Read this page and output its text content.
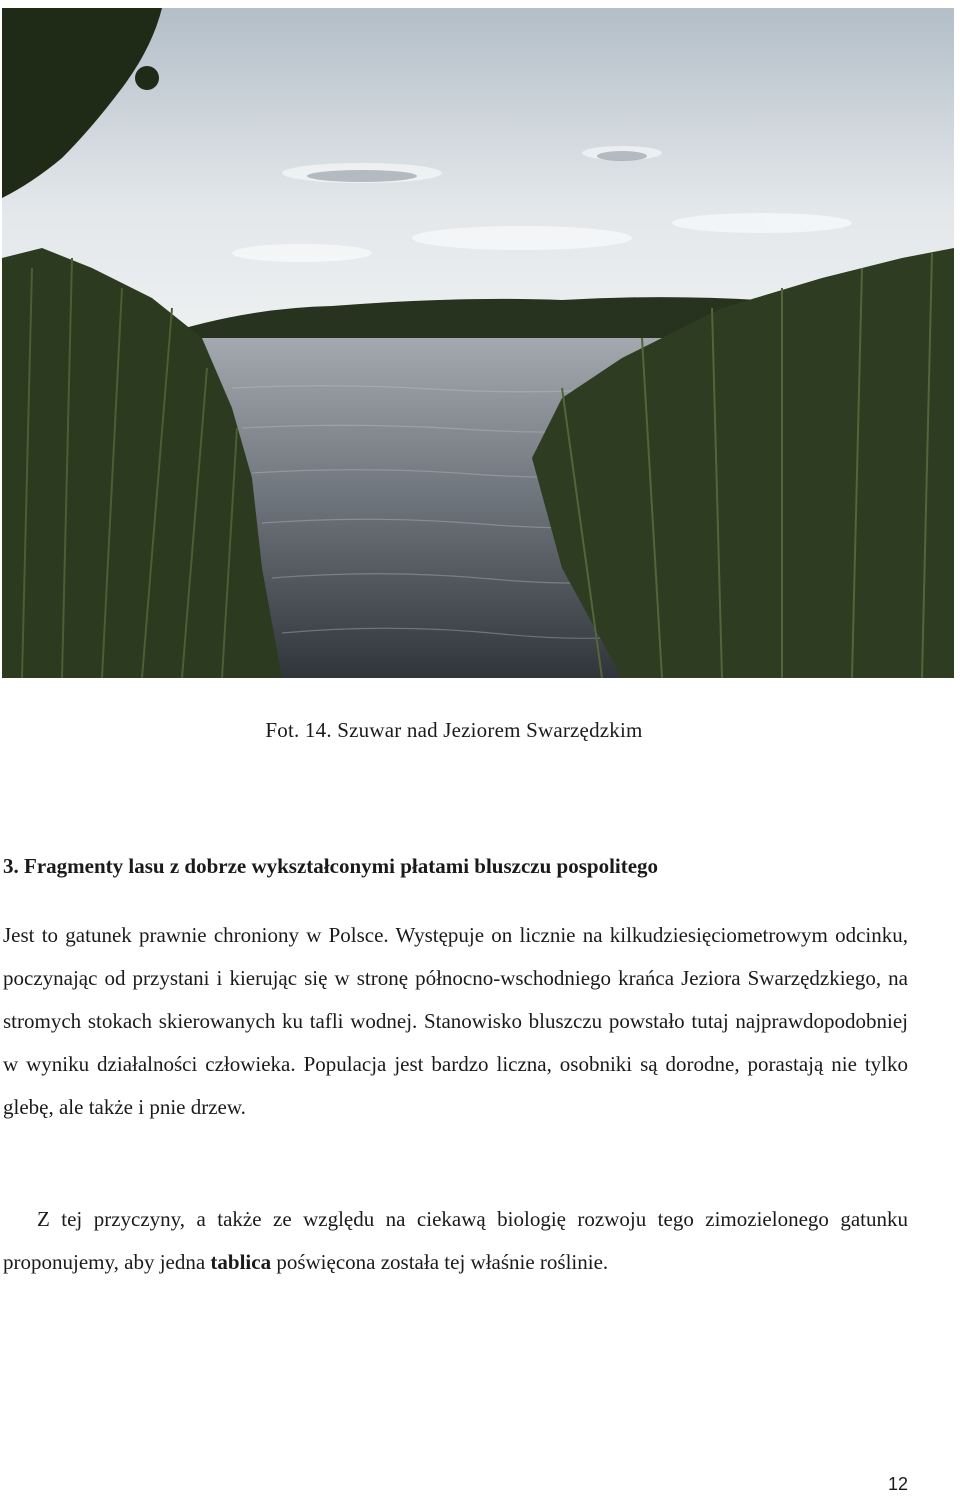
Fot. 14. Szuwar nad Jeziorem Swarzędzkim
3. Fragmenty lasu z dobrze wykształconymi płatami bluszczu pospolitego

Jest to gatunek prawnie chroniony w Polsce. Występuje on licznie na kilkudziesięciometrowym odcinku, poczynając od przystani i kierując się w stronę północno-wschodniego krańca Jeziora Swarzędzkiego, na stromych stokach skierowanych ku tafli wodnej. Stanowisko bluszczu powstało tutaj najprawdopodobniej w wyniku działalności człowieka. Populacja jest bardzo liczna, osobniki są dorodne, porastają nie tylko glebę, ale także i pnie drzew.

Z tej przyczyny, a także ze względu na ciekawą biologię rozwoju tego zimozielonego gatunku proponujemy, aby jedna tablica poświęcona została tej właśnie roślinie.

12
